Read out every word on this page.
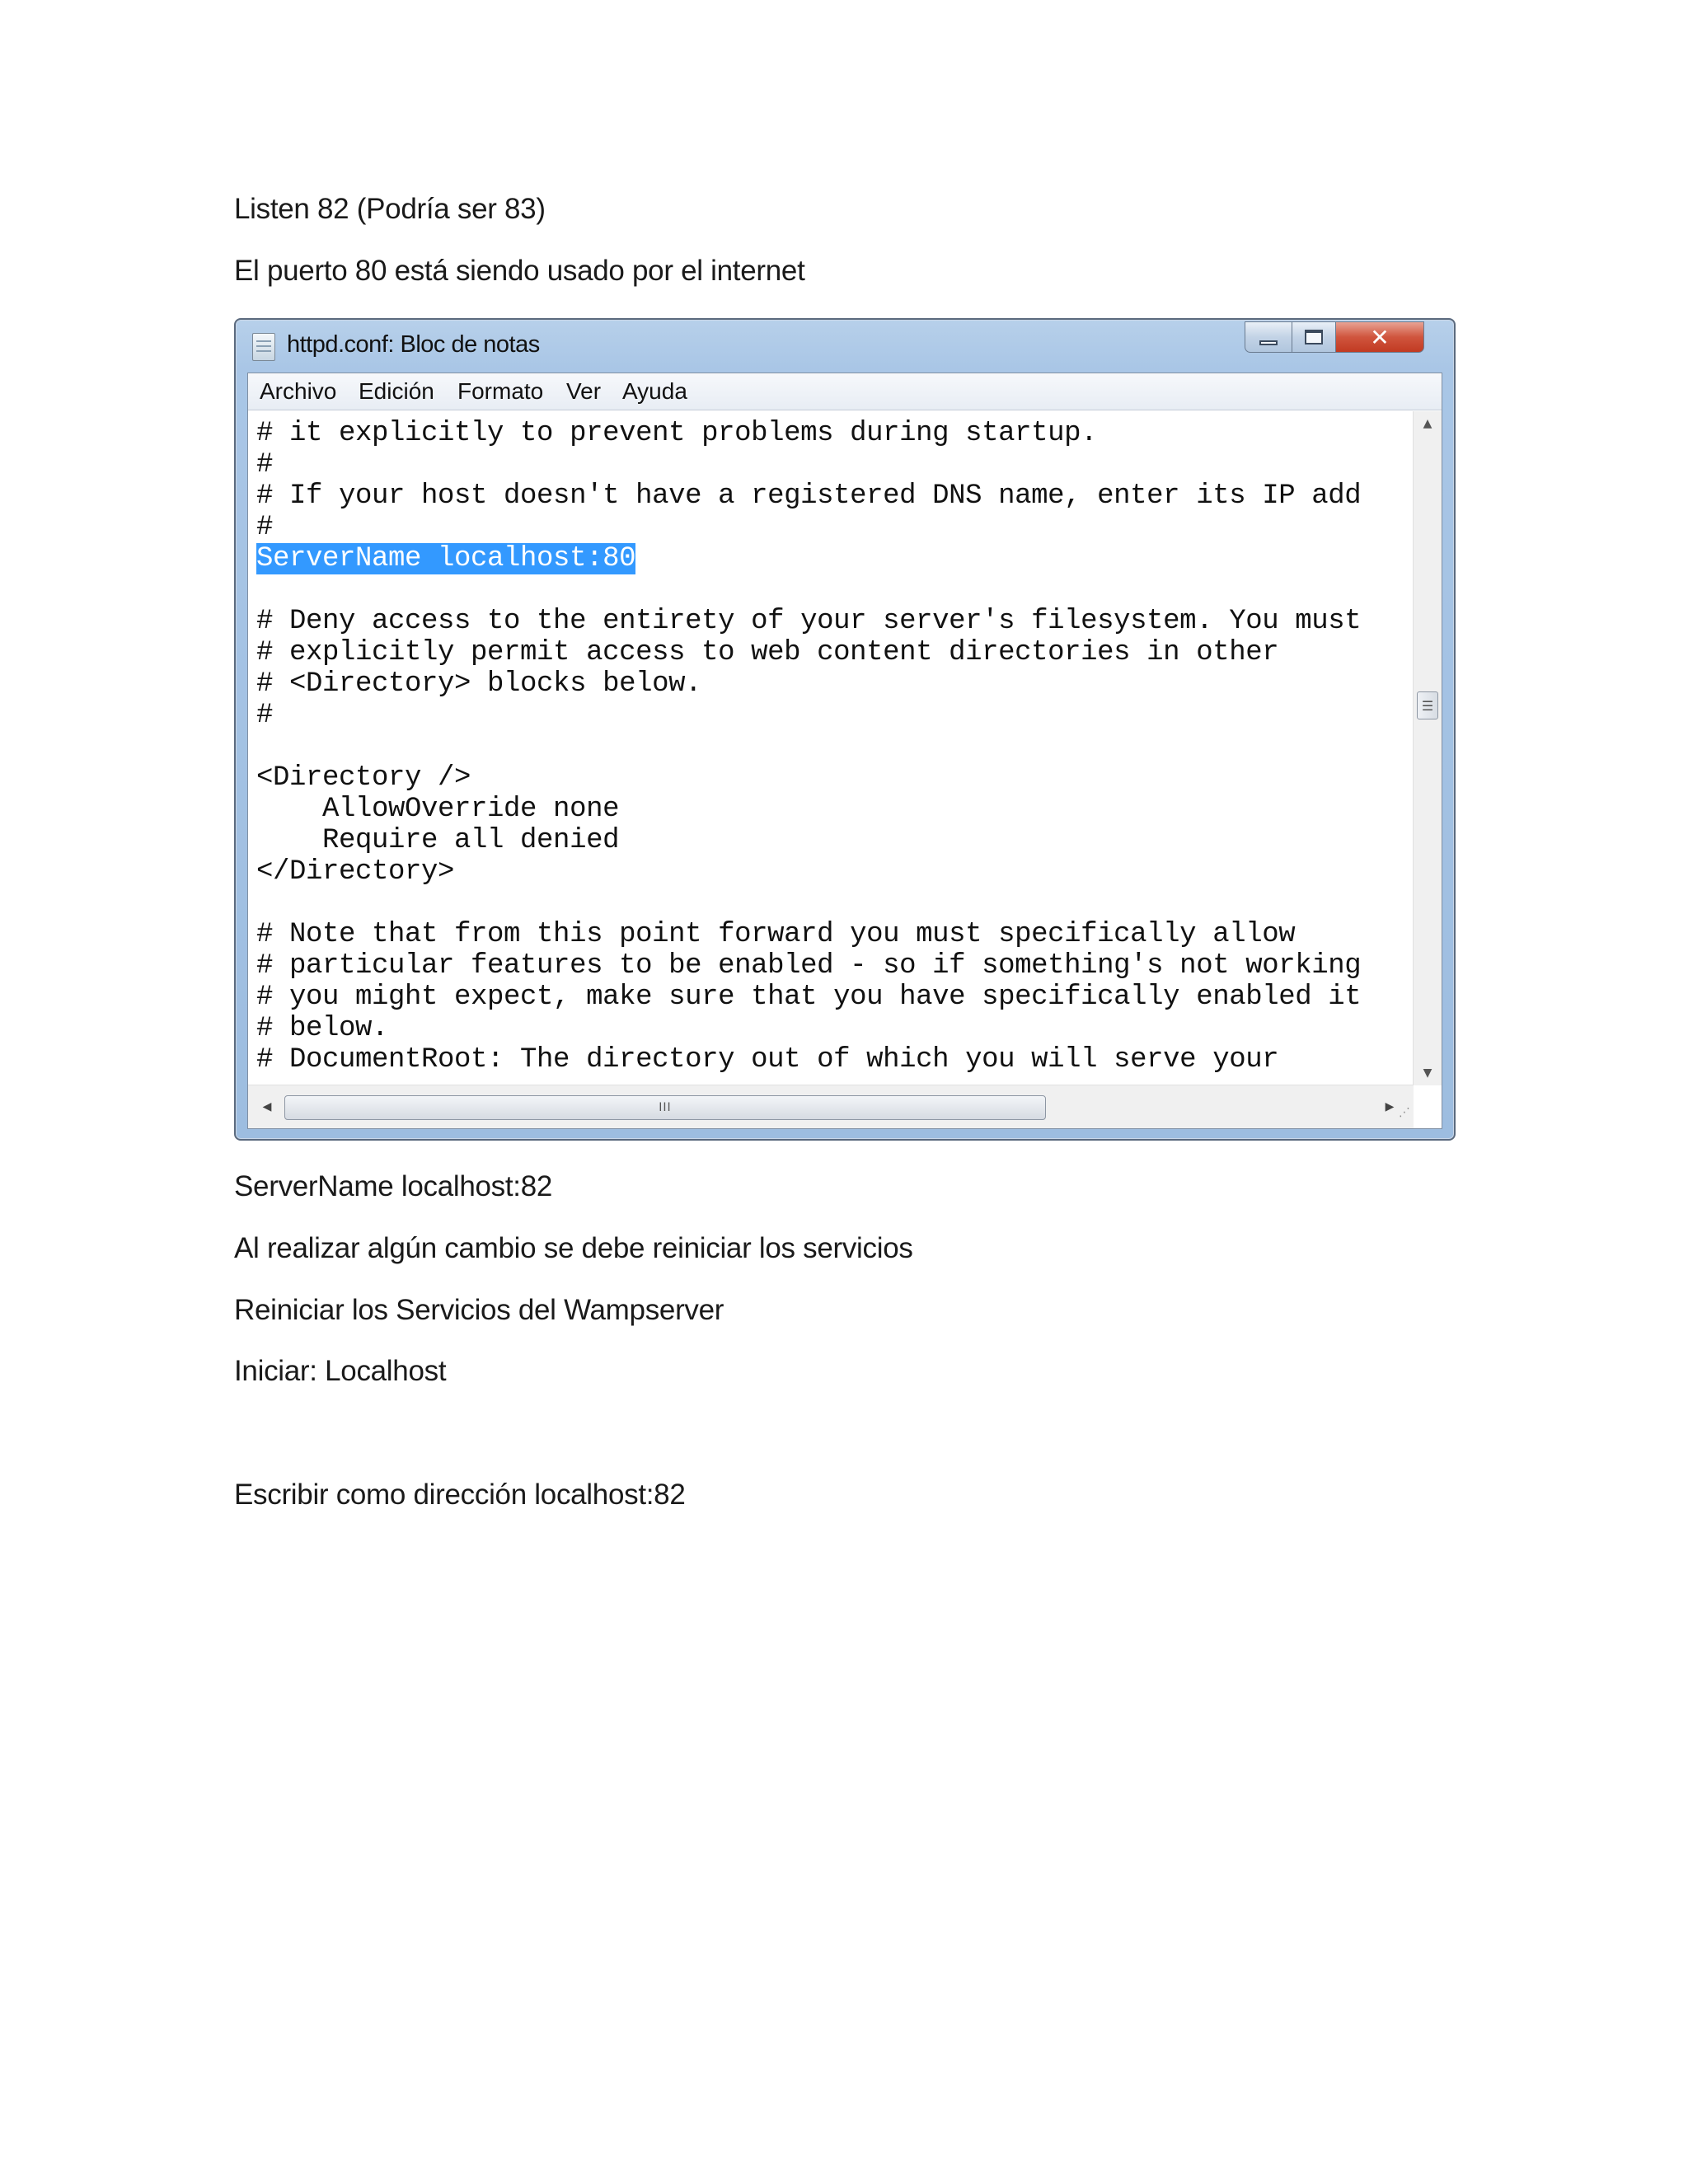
Listen 82 (Podría ser 83)
El puerto 80 está siendo usado por el internet
httpd.conf: Bloc de notas	✕
Archivo Edición Formato Ver Ayuda
# it explicitly to prevent problems during startup.
#
# If your host doesn't have a registered DNS name, enter its IP add
#
ServerName localhost:80
# Deny access to the entirety of your server's filesystem. You must
# explicitly permit access to web content directories in other
# <Directory> blocks below.
#
<Directory />
AllowOverride none
Require all denied
</Directory>
# Note that from this point forward you must specifically allow
# particular features to be enabled - so if something's not working
# you might expect, make sure that you have specifically enabled it
# below.
# DocumentRoot: The directory out of which you will serve your
▲
☰
▼
◀	III	▶ ⋰
ServerName localhost:82
Al realizar algún cambio se debe reiniciar los servicios
Reiniciar los Servicios del Wampserver
Iniciar: Localhost
Escribir como dirección localhost:82
